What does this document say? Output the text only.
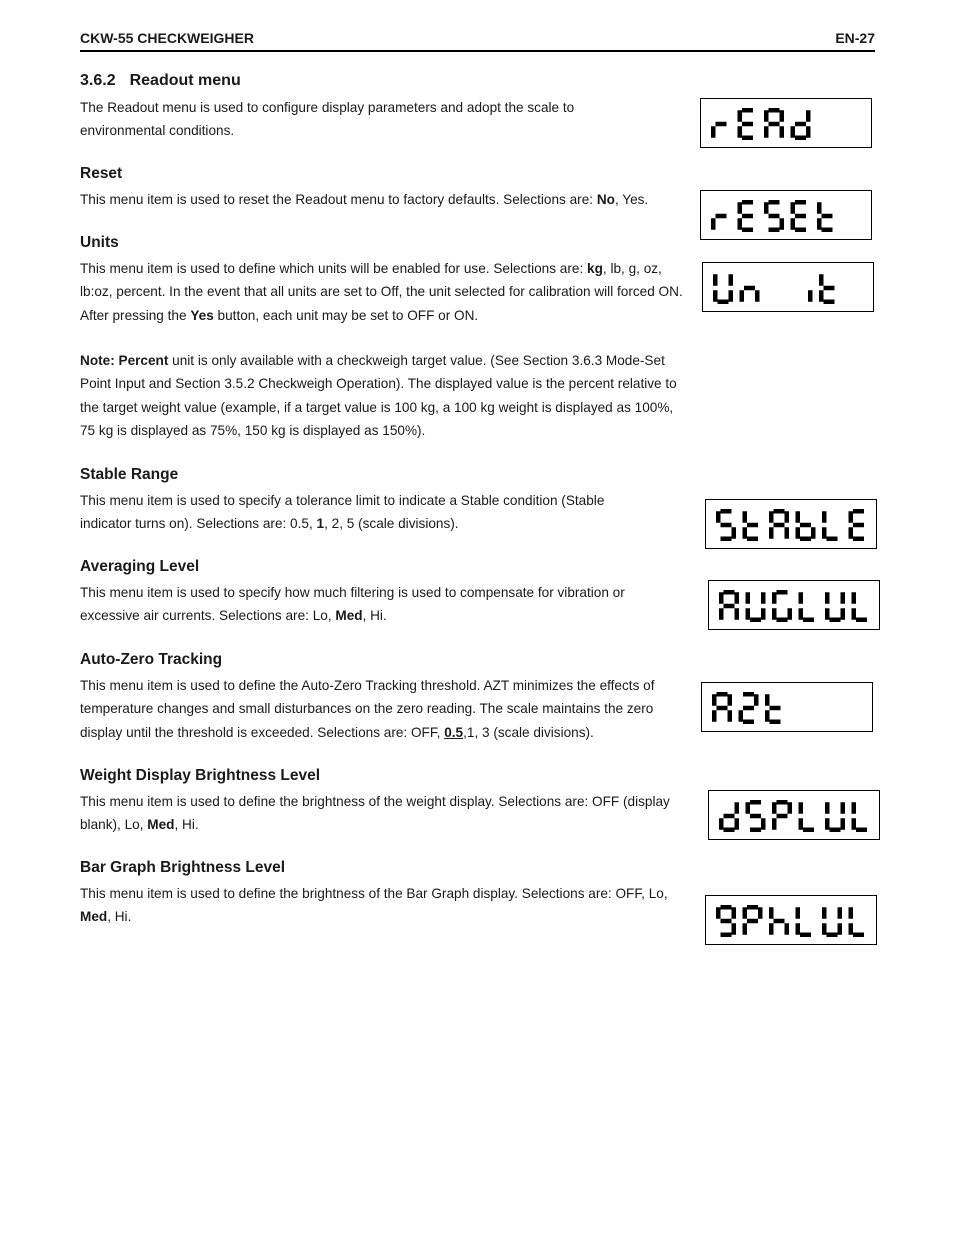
CKW-55 CHECKWEIGHER	EN-27
3.6.2 Readout menu

The Readout menu is used to configure display parameters and adopt the scale to environmental conditions.

Reset

This menu item is used to reset the Readout menu to factory defaults. Selections are: No, Yes.

Units

This menu item is used to define which units will be enabled for use. Selections are: kg, lb, g, oz, lb:oz, percent. In the event that all units are set to Off, the unit selected for calibration will forced ON. After pressing the Yes button, each unit may be set to OFF or ON.

Note: Percent unit is only available with a checkweigh target value. (See Section 3.6.3 Mode-Set Point Input and Section 3.5.2 Checkweigh Operation). The displayed value is the percent relative to the target weight value (example, if a target value is 100 kg, a 100 kg weight is displayed as 100%, 75 kg is displayed as 75%, 150 kg is displayed as 150%).

Stable Range

This menu item is used to specify a tolerance limit to indicate a Stable condition (Stable indicator turns on). Selections are: 0.5, 1, 2, 5 (scale divisions).

Averaging Level

This menu item is used to specify how much filtering is used to compensate for vibration or excessive air currents. Selections are: Lo, Med, Hi.

Auto-Zero Tracking

This menu item is used to define the Auto-Zero Tracking threshold. AZT minimizes the effects of temperature changes and small disturbances on the zero reading. The scale maintains the zero display until the threshold is exceeded. Selections are: OFF, 0.5,1, 3 (scale divisions).

Weight Display Brightness Level

This menu item is used to define the brightness of the weight display. Selections are: OFF (display blank), Lo, Med, Hi.

Bar Graph Brightness Level

This menu item is used to define the brightness of the Bar Graph display. Selections are: OFF, Lo, Med, Hi.
